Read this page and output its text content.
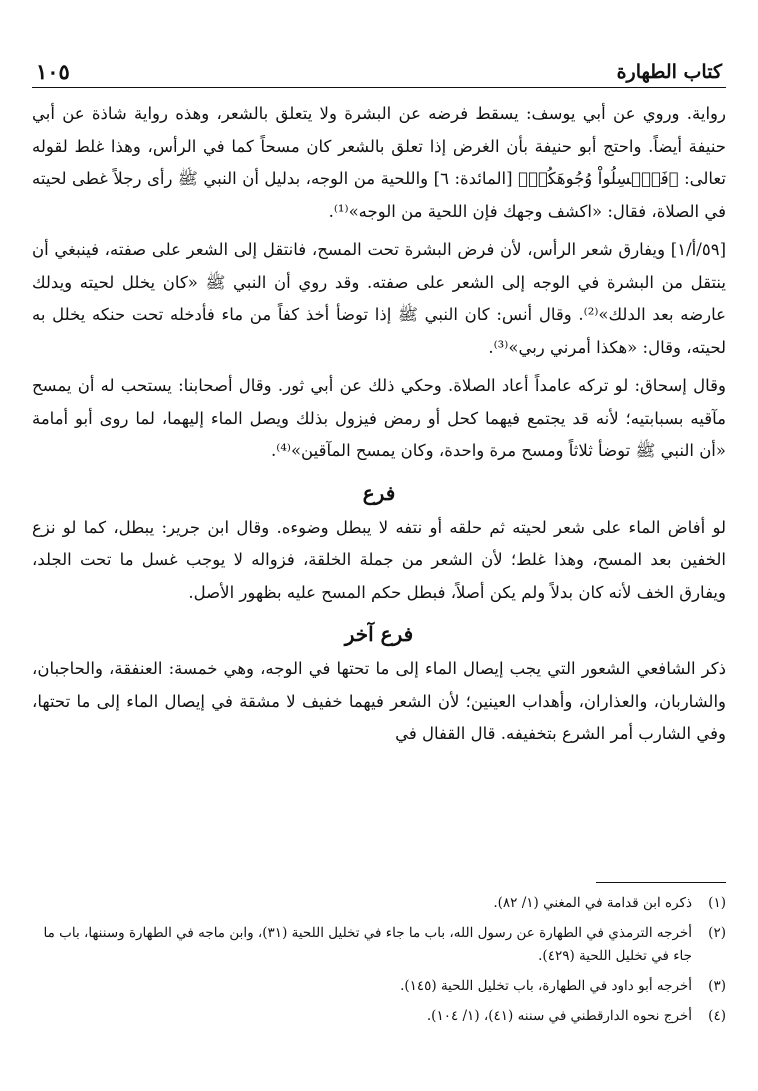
كتاب الطهارة
١٠٥

رواية. وروي عن أبي يوسف: يسقط فرضه عن البشرة ولا يتعلق بالشعر، وهذه رواية شاذة عن أبي حنيفة أيضاً. واحتج أبو حنيفة بأن الغرض إذا تعلق بالشعر كان مسحاً كما في الرأس، وهذا غلط لقوله تعالى: ﴿فَٱغۡسِلُواْ وُجُوهَكُمۡ﴾ [المائدة: ٦] واللحية من الوجه، بدليل أن النبي ﷺ رأى رجلاً غطى لحيته في الصلاة، فقال: «اكشف وجهك فإن اللحية من الوجه»⁽¹⁾.

[٥٩/أ/١] ويفارق شعر الرأس، لأن فرض البشرة تحت المسح، فانتقل إلى الشعر على صفته، فينبغي أن ينتقل من البشرة في الوجه إلى الشعر على صفته. وقد روي أن النبي ﷺ «كان يخلل لحيته ويدلك عارضه بعد الدلك»⁽²⁾. وقال أنس: كان النبي ﷺ إذا توضأ أخذ كفاً من ماء فأدخله تحت حنكه يخلل به لحيته، وقال: «هكذا أمرني ربي»⁽³⁾.

وقال إسحاق: لو تركه عامداً أعاد الصلاة. وحكي ذلك عن أبي ثور. وقال أصحابنا: يستحب له أن يمسح مآقيه بسبابتيه؛ لأنه قد يجتمع فيهما كحل أو رمض فيزول بذلك ويصل الماء إليهما، لما روى أبو أمامة «أن النبي ﷺ توضأ ثلاثاً ومسح مرة واحدة، وكان يمسح المآقين»⁽⁴⁾.

فرع

لو أفاض الماء على شعر لحيته ثم حلقه أو نتفه لا يبطل وضوءه. وقال ابن جرير: يبطل، كما لو نزع الخفين بعد المسح، وهذا غلط؛ لأن الشعر من جملة الخلقة، فزواله لا يوجب غسل ما تحت الجلد، ويفارق الخف لأنه كان بدلاً ولم يكن أصلاً، فبطل حكم المسح عليه بظهور الأصل.

فرع آخر

ذكر الشافعي الشعور التي يجب إيصال الماء إلى ما تحتها في الوجه، وهي خمسة: العنفقة، والحاجبان، والشاربان، والعذاران، وأهداب العينين؛ لأن الشعر فيهما خفيف لا مشقة في إيصال الماء إلى ما تحتها، وفي الشارب أمر الشرع بتخفيفه. قال القفال في

(١)
ذكره ابن قدامة في المغني (١/ ٨٢).
(٢)
أخرجه الترمذي في الطهارة عن رسول الله، باب ما جاء في تخليل اللحية (٣١)، وابن ماجه في الطهارة وسننها، باب ما جاء في تخليل اللحية (٤٢٩).
(٣)
أخرجه أبو داود في الطهارة، باب تخليل اللحية (١٤٥).
(٤)
أخرج نحوه الدارقطني في سننه (٤١)، (١/ ١٠٤).
